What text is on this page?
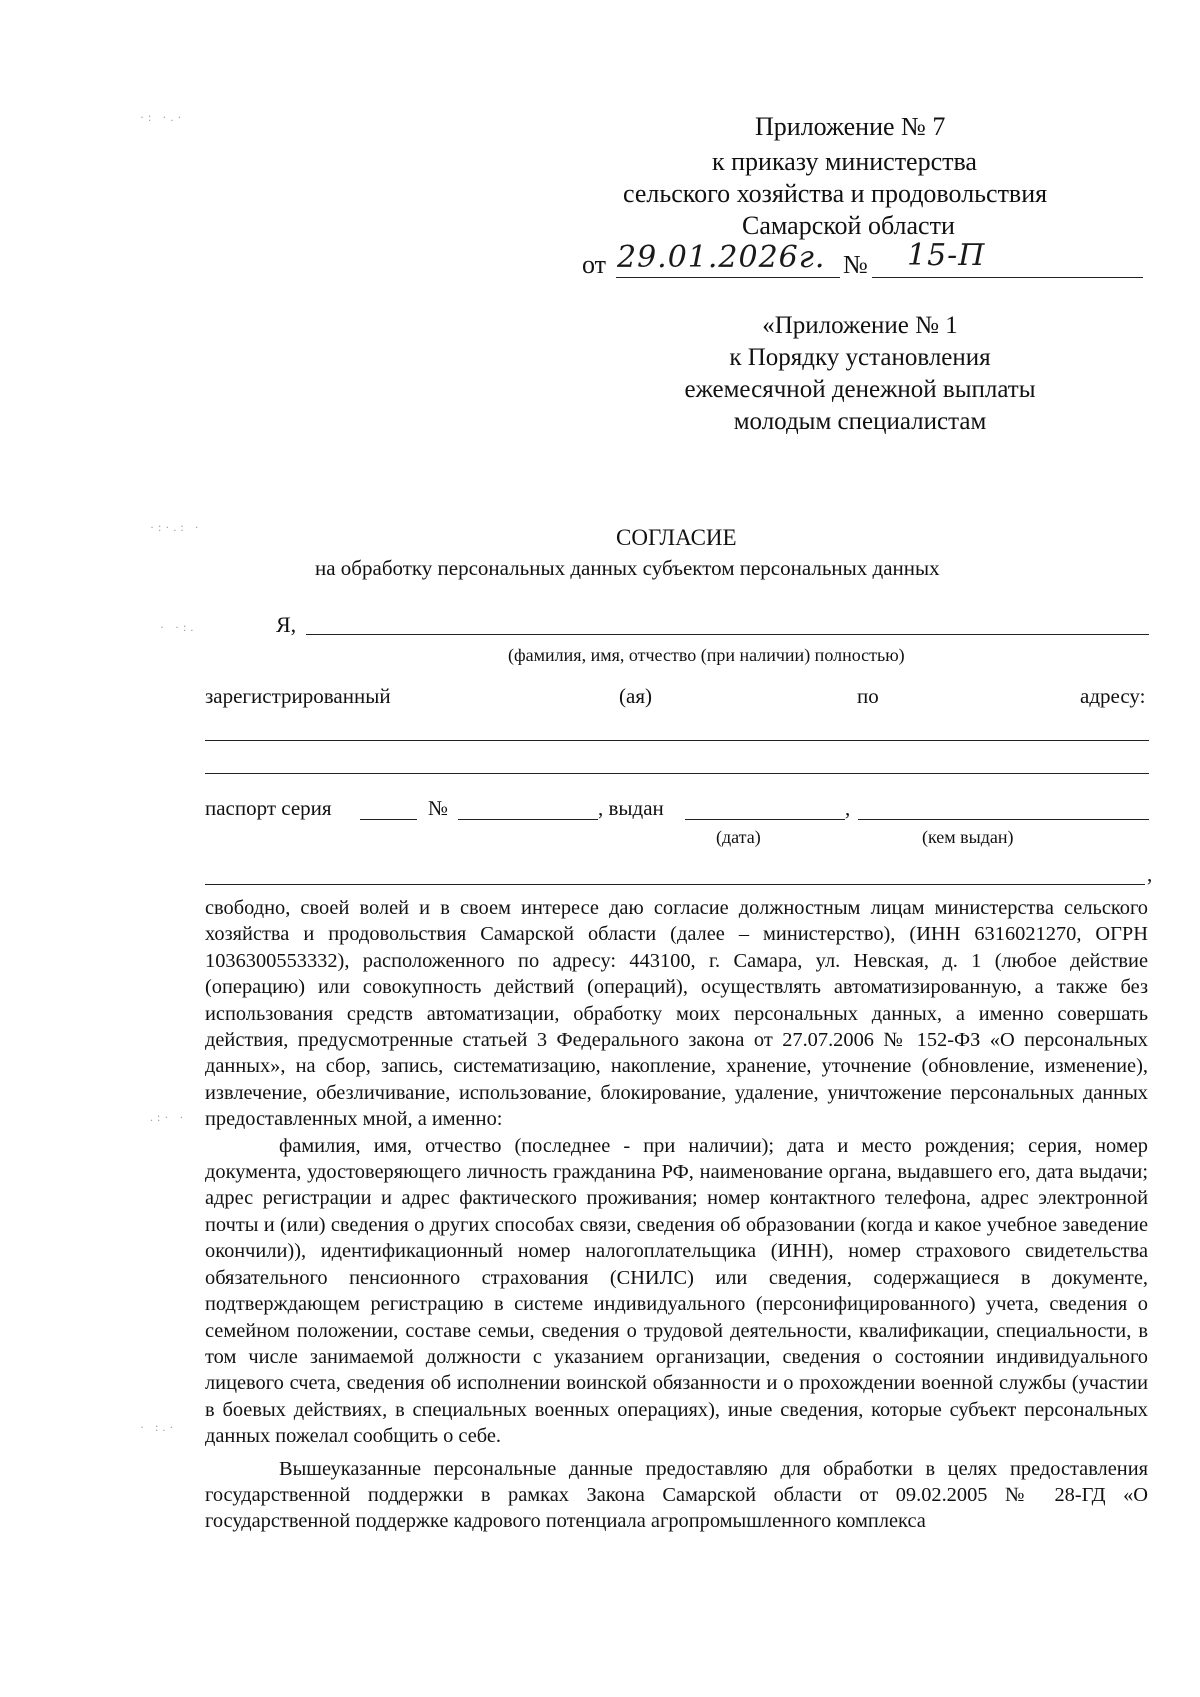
Приложение № 7
к приказу министерства
сельского хозяйства и продовольствия
Самарской области
от 29.01.2026г. № 15-П
«Приложение № 1
к Порядку установления
ежемесячной денежной выплаты
молодым специалистам
СОГЛАСИЕ
на обработку персональных данных субъектом персональных данных
Я,
(фамилия, имя, отчество (при наличии) полностью)
зарегистрированный	(ая)	по	адресу:
паспорт серия	№	, выдан	,
(дата)	(кем выдан)
,

свободно, своей волей и в своем интересе даю согласие должностным лицам министерства сельского хозяйства и продовольствия Самарской области (далее – министерство), (ИНН 6316021270, ОГРН 1036300553332), расположенного по адресу: 443100, г. Самара, ул. Невская, д. 1 (любое действие (операцию) или совокупность действий (операций), осуществлять автоматизированную, а также без использования средств автоматизации, обработку моих персональных данных, а именно совершать действия, предусмотренные статьей 3 Федерального закона от 27.07.2006 № 152-ФЗ «О персональных данных», на сбор, запись, систематизацию, накопление, хранение, уточнение (обновление, изменение), извлечение, обезличивание, использование, блокирование, удаление, уничтожение персональных данных предоставленных мной, а именно:

фамилия, имя, отчество (последнее - при наличии); дата и место рождения; серия, номер документа, удостоверяющего личность гражданина РФ, наименование органа, выдавшего его, дата выдачи; адрес регистрации и адрес фактического проживания; номер контактного телефона, адрес электронной почты и (или) сведения о других способах связи, сведения об образовании (когда и какое учебное заведение окончили)), идентификационный номер налогоплательщика (ИНН), номер страхового свидетельства обязательного пенсионного страхования (СНИЛС) или сведения, содержащиеся в документе, подтверждающем регистрацию в системе индивидуального (персонифицированного) учета, сведения о семейном положении, составе семьи, сведения о трудовой деятельности, квалификации, специальности, в том числе занимаемой должности с указанием организации, сведения о состоянии индивидуального лицевого счета, сведения об исполнении воинской обязанности и о прохождении военной службы (участии в боевых действиях, в специальных военных операциях), иные сведения, которые субъект персональных данных пожелал сообщить о себе.

Вышеуказанные персональные данные предоставляю для обработки в целях предоставления государственной поддержки в рамках Закона Самарской области от 09.02.2005 № 28-ГД «О государственной поддержке кадрового потенциала агропромышленного комплекса

·: ·.·
·:·.: ·
· ·:.
.:· ·
· :.·
